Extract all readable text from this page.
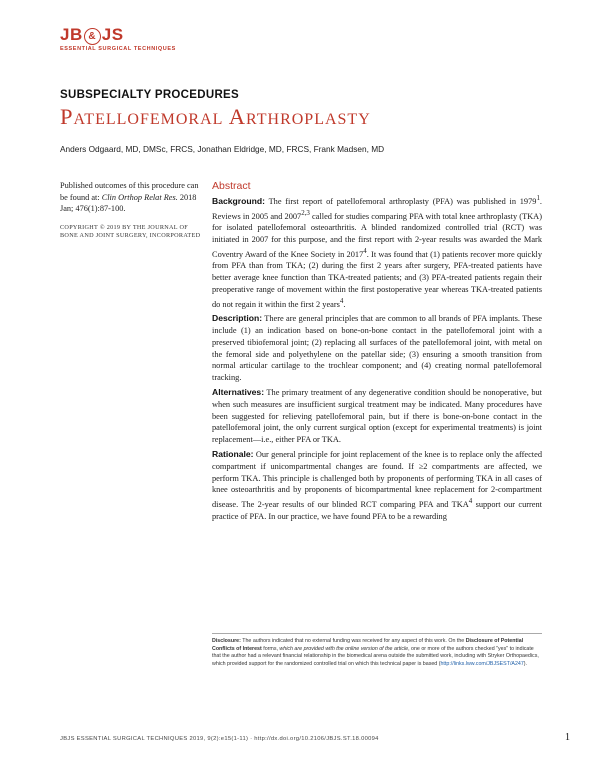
JB & JS
ESSENTIAL SURGICAL TECHNIQUES
SUBSPECIALTY PROCEDURES
Patellofemoral Arthroplasty
Anders Odgaard, MD, DMSc, FRCS, Jonathan Eldridge, MD, FRCS, Frank Madsen, MD
Published outcomes of this procedure can be found at: Clin Orthop Relat Res. 2018 Jan; 476(1):87-100.
COPYRIGHT © 2019 BY THE JOURNAL OF BONE AND JOINT SURGERY, INCORPORATED
Abstract

Background: The first report of patellofemoral arthroplasty (PFA) was published in 1979$^1$. Reviews in 2005 and 2007$^{2,3}$ called for studies comparing PFA with total knee arthroplasty (TKA) for isolated patellofemoral osteoarthritis. A blinded randomized controlled trial (RCT) was initiated in 2007 for this purpose, and the first report with 2-year results was awarded the Mark Coventry Award of the Knee Society in 2017$^4$. It was found that (1) patients recover more quickly from PFA than from TKA; (2) during the first 2 years after surgery, PFA-treated patients have better average knee function than TKA-treated patients; and (3) PFA-treated patients regain their preoperative range of movement within the first postoperative year whereas TKA-treated patients do not regain it within the first 2 years$^4$.

Description: There are general principles that are common to all brands of PFA implants. These include (1) an indication based on bone-on-bone contact in the patellofemoral joint with a preserved tibiofemoral joint; (2) replacing all surfaces of the patellofemoral joint, with metal on the femoral side and polyethylene on the patellar side; (3) ensuring a smooth transition from normal articular cartilage to the trochlear component; and (4) creating normal patellofemoral tracking.

Alternatives: The primary treatment of any degenerative condition should be nonoperative, but when such measures are insufficient surgical treatment may be indicated. Many procedures have been suggested for relieving patellofemoral pain, but if there is bone-on-bone contact in the patellofemoral joint, the only current surgical option (except for experimental treatments) is joint replacement—i.e., either PFA or TKA.

Rationale: Our general principle for joint replacement of the knee is to replace only the affected compartment if unicompartmental changes are found. If ≥2 compartments are affected, we perform TKA. This principle is challenged both by proponents of performing TKA in all cases of knee osteoarthritis and by proponents of bicompartmental knee replacement for 2-compartment disease. The 2-year results of our blinded RCT comparing PFA and TKA$^4$ support our current practice of PFA. In our practice, we have found PFA to be a rewarding

Disclosure: The authors indicated that no external funding was received for any aspect of this work. On the Disclosure of Potential Conflicts of Interest forms, which are provided with the online version of the article, one or more of the authors checked "yes" to indicate that the author had a relevant financial relationship in the biomedical arena outside the submitted work, including with Stryker Orthopaedics, which provided support for the randomized controlled trial on which this technical paper is based (http://links.lww.com/JBJSEST/A247).
JBJS ESSENTIAL SURGICAL TECHNIQUES 2019, 9(2):e15(1-11) · http://dx.doi.org/10.2106/JBJS.ST.18.00094	1
